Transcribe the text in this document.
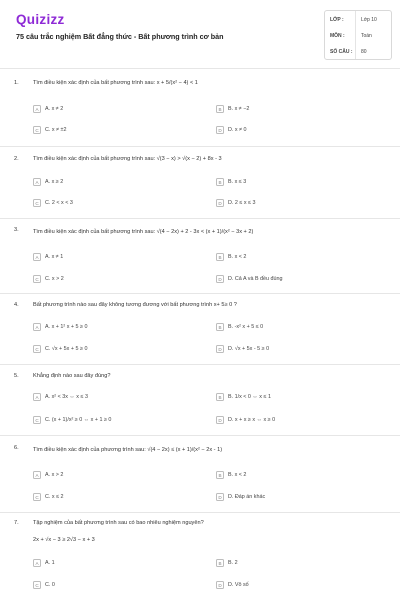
Quizizz
75 câu trắc nghiệm Bất đẳng thức - Bất phương trình cơ bản
LỚP :	Lớp 10
MÔN :	Toán
SỐ CÂU :	80
1.	Tìm điều kiện xác định của bất phương trình sau: x + 5/(x² − 4) < 1
A	A. x ≠ 2	B	B. x ≠ −2
C	C. x ≠ ±2	D	D. x ≠ 0
2.	Tìm điều kiện xác định của bất phương trình sau: √(3 − x) > √(x − 2) + 8x - 3
A	A. x ≥ 2	B	B. x ≤ 3
C	C. 2 < x < 3	D	D. 2 ≤ x ≤ 3
3.	Tìm điều kiện xác định của bất phương trình sau: √(4 − 2x) + 2 - 3x < (x + 1)/(x² − 3x + 2)
A	A. x ≠ 1	B	B. x < 2
C	C. x > 2	D	D. Cả A và B đều đúng
4.	Bất phương trình nào sau đây không tương đương với bất phương trình x+ 5≥ 0 ?
A	A. x + 1² x + 5 ≥ 0	B	B. -x² x + 5 ≤ 0
C	C. √x + 5x + 5 ≥ 0	D	D. √x + 5x - 5 ≥ 0
5.	Khẳng định nào sau đây đúng?
A	A. x² < 3x ⇔ x ≤ 3	B	B. 1/x < 0 ⇔ x ≤ 1
C	C. (x + 1)/x² ≥ 0 ⇔ x + 1 ≥ 0	D	D. x + x ≥ x ⇔ x ≥ 0
6.	Tìm điều kiện xác định của phương trình sau: √(4 − 2x) ≤ (x + 1)/(x² − 2x - 1)
A	A. x > 2	B	B. x < 2
C	C. x ≤ 2	D	D. Đáp án khác
7.	Tập nghiệm của bất phương trình sau có bao nhiêu nghiệm nguyên?
2x + √x − 3 ≥ 2√3 − x + 3
A	A. 1	B	B. 2
C	C. 0	D	D. Vô số
